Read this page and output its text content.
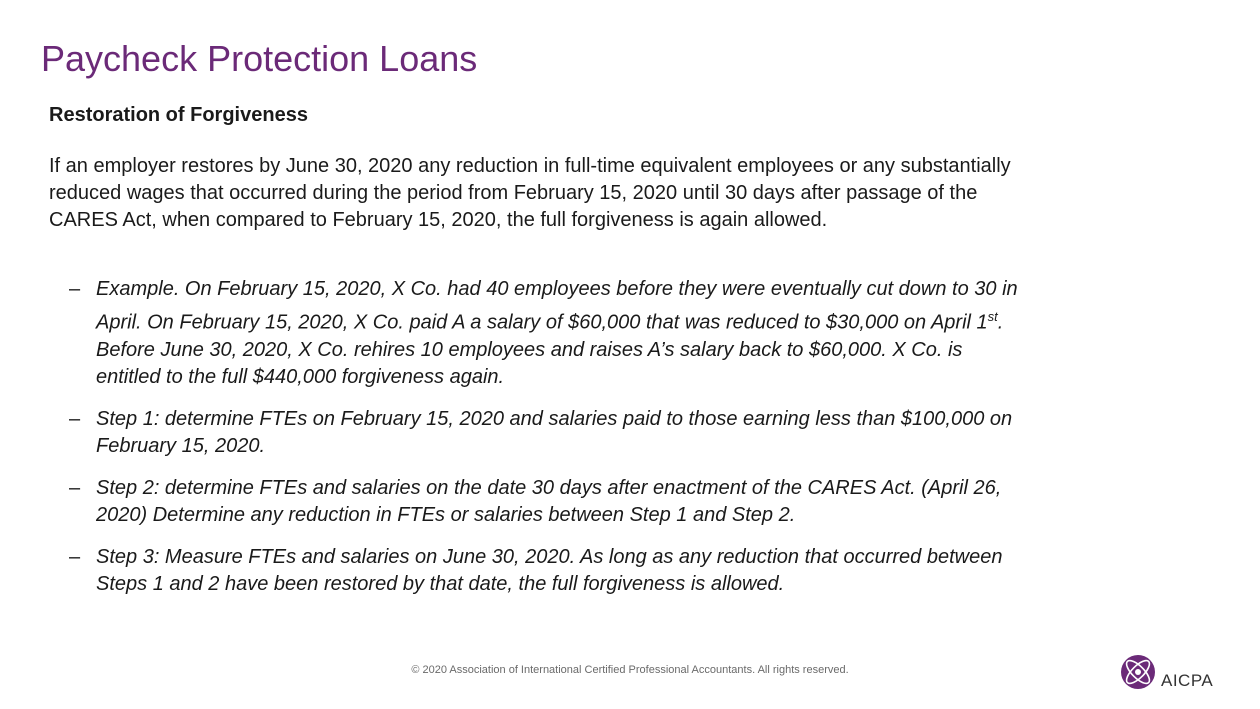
Paycheck Protection Loans
Restoration of Forgiveness

If an employer restores by June 30, 2020 any reduction in full-time equivalent employees or any substantially reduced wages that occurred during the period from February 15, 2020 until 30 days after passage of the CARES Act, when compared to February 15, 2020, the full forgiveness is again allowed.

– Example. On February 15, 2020, X Co. had 40 employees before they were eventually cut down to 30 in April. On February 15, 2020, X Co. paid A a salary of $60,000 that was reduced to $30,000 on April 1st. Before June 30, 2020, X Co. rehires 10 employees and raises A’s salary back to $60,000. X Co. is entitled to the full $440,000 forgiveness again.
– Step 1: determine FTEs on February 15, 2020 and salaries paid to those earning less than $100,000 on February 15, 2020.
– Step 2: determine FTEs and salaries on the date 30 days after enactment of the CARES Act. (April 26, 2020) Determine any reduction in FTEs or salaries between Step 1 and Step 2.
– Step 3: Measure FTEs and salaries on June 30, 2020. As long as any reduction that occurred between Steps 1 and 2 have been restored by that date, the full forgiveness is allowed.
© 2020 Association of International Certified Professional Accountants. All rights reserved.
AICPA
